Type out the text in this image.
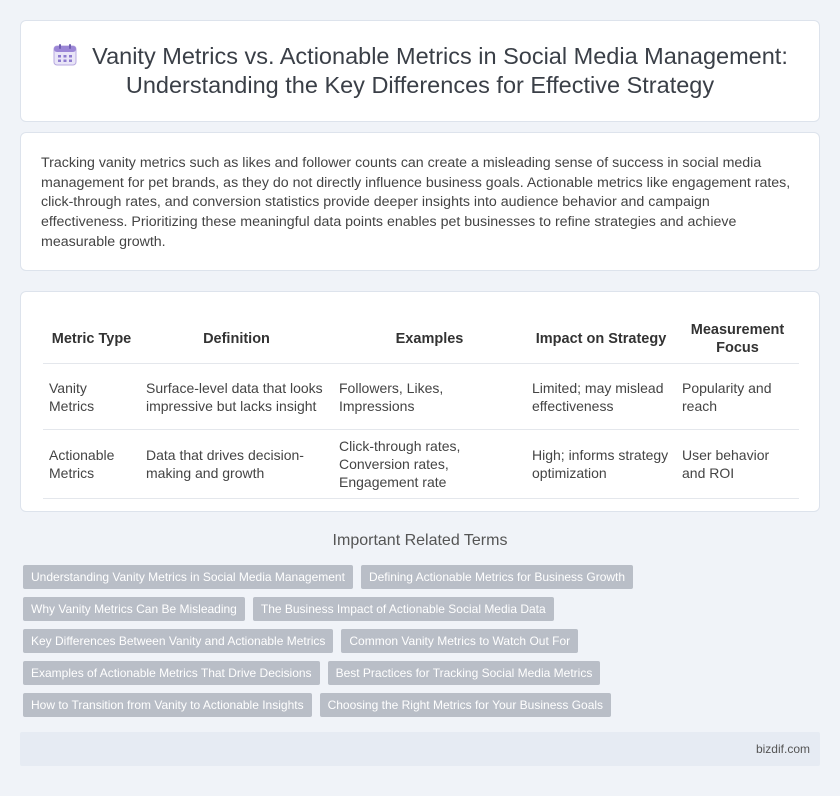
Vanity Metrics vs. Actionable Metrics in Social Media Management: Understanding the Key Differences for Effective Strategy

Tracking vanity metrics such as likes and follower counts can create a misleading sense of success in social media management for pet brands, as they do not directly influence business goals. Actionable metrics like engagement rates, click-through rates, and conversion statistics provide deeper insights into audience behavior and campaign effectiveness. Prioritizing these meaningful data points enables pet businesses to refine strategies and achieve measurable growth.

Metric Type	Definition	Examples	Impact on Strategy	Measurement Focus
Vanity Metrics	Surface-level data that looks impressive but lacks insight	Followers, Likes, Impressions	Limited; may mislead effectiveness	Popularity and reach
Actionable Metrics	Data that drives decision-making and growth	Click-through rates, Conversion rates, Engagement rate	High; informs strategy optimization	User behavior and ROI
Important Related Terms
Understanding Vanity Metrics in Social Media Management	Defining Actionable Metrics for Business Growth
Why Vanity Metrics Can Be Misleading	The Business Impact of Actionable Social Media Data
Key Differences Between Vanity and Actionable Metrics	Common Vanity Metrics to Watch Out For
Examples of Actionable Metrics That Drive Decisions	Best Practices for Tracking Social Media Metrics
How to Transition from Vanity to Actionable Insights	Choosing the Right Metrics for Your Business Goals
bizdif.com
